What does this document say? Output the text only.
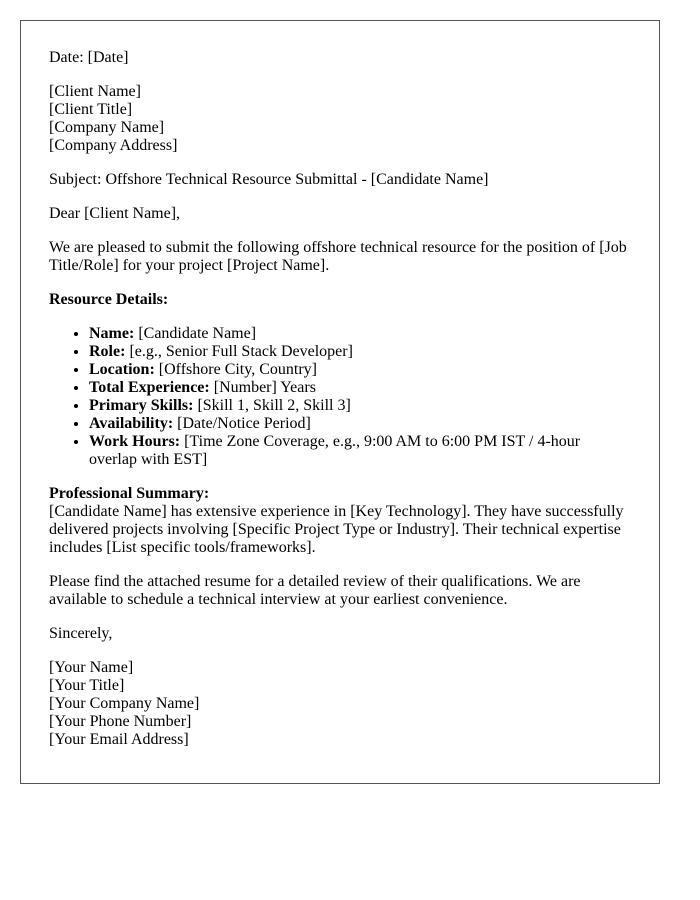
Date: [Date]

[Client Name]

[Client Title]

[Company Name]

[Company Address]

Subject: Offshore Technical Resource Submittal - [Candidate Name]

Dear [Client Name],

We are pleased to submit the following offshore technical resource for the position of [Job Title/Role] for your project [Project Name].

Resource Details:

• Name: [Candidate Name]
• Role: [e.g., Senior Full Stack Developer]
• Location: [Offshore City, Country]
• Total Experience: [Number] Years
• Primary Skills: [Skill 1, Skill 2, Skill 3]
• Availability: [Date/Notice Period]
• Work Hours: [Time Zone Coverage, e.g., 9:00 AM to 6:00 PM IST / 4-hour overlap with EST]

Professional Summary:

[Candidate Name] has extensive experience in [Key Technology]. They have successfully delivered projects involving [Specific Project Type or Industry]. Their technical expertise includes [List specific tools/frameworks].

Please find the attached resume for a detailed review of their qualifications. We are available to schedule a technical interview at your earliest convenience.

Sincerely,

[Your Name]

[Your Title]

[Your Company Name]

[Your Phone Number]

[Your Email Address]
